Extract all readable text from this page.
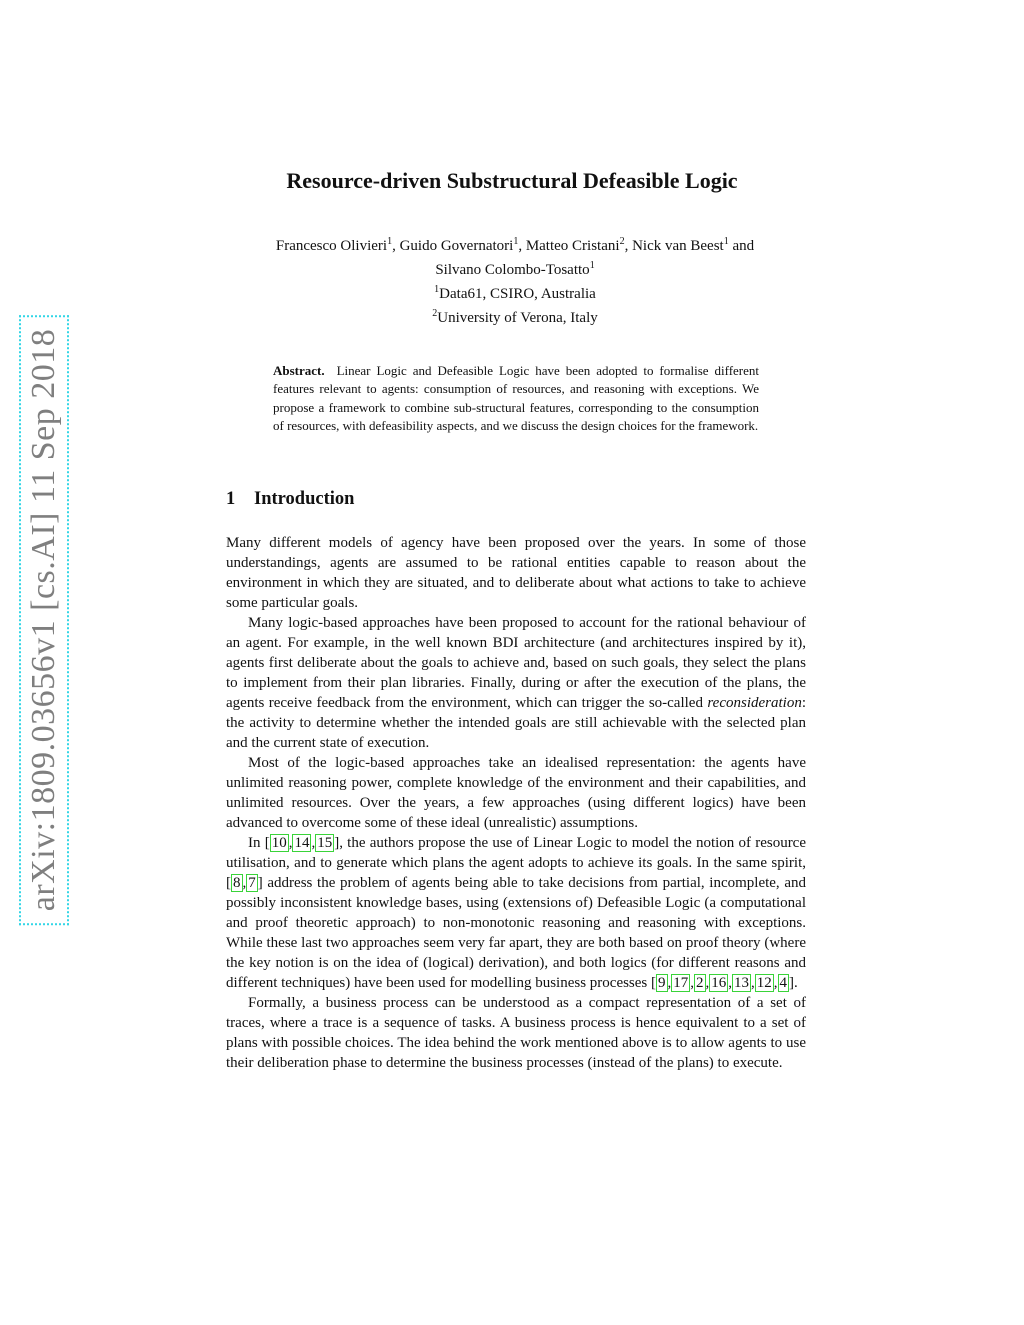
arXiv:1809.03656v1 [cs.AI] 11 Sep 2018
Resource-driven Substructural Defeasible Logic
Francesco Olivieri$^1$, Guido Governatori$^1$, Matteo Cristani$^2$, Nick van Beest$^1$ and
Silvano Colombo-Tosatto$^1$
$^1$Data61, CSIRO, Australia
$^2$University of Verona, Italy
Abstract. Linear Logic and Defeasible Logic have been adopted to formalise different features relevant to agents: consumption of resources, and reasoning with exceptions. We propose a framework to combine sub-structural features, corresponding to the consumption of resources, with defeasibility aspects, and we discuss the design choices for the framework.
1 Introduction

Many different models of agency have been proposed over the years. In some of those understandings, agents are assumed to be rational entities capable to reason about the environment in which they are situated, and to deliberate about what actions to take to achieve some particular goals.

Many logic-based approaches have been proposed to account for the rational behaviour of an agent. For example, in the well known BDI architecture (and architectures inspired by it), agents first deliberate about the goals to achieve and, based on such goals, they select the plans to implement from their plan libraries. Finally, during or after the execution of the plans, the agents receive feedback from the environment, which can trigger the so-called reconsideration: the activity to determine whether the intended goals are still achievable with the selected plan and the current state of execution.

Most of the logic-based approaches take an idealised representation: the agents have unlimited reasoning power, complete knowledge of the environment and their capabilities, and unlimited resources. Over the years, a few approaches (using different logics) have been advanced to overcome some of these ideal (unrealistic) assumptions.

In [ 10 , 14 , 15 ], the authors propose the use of Linear Logic to model the notion of resource utilisation, and to generate which plans the agent adopts to achieve its goals. In the same spirit, [ 8 , 7 ] address the problem of agents being able to take decisions from partial, incomplete, and possibly inconsistent knowledge bases, using (extensions of) Defeasible Logic (a computational and proof theoretic approach) to non-monotonic reasoning and reasoning with exceptions. While these last two approaches seem very far apart, they are both based on proof theory (where the key notion is on the idea of (logical) derivation), and both logics (for different reasons and different techniques) have been used for modelling business processes [ 9 , 17 , 2 , 16 , 13 , 12 , 4 ].

Formally, a business process can be understood as a compact representation of a set of traces, where a trace is a sequence of tasks. A business process is hence equivalent to a set of plans with possible choices. The idea behind the work mentioned above is to allow agents to use their deliberation phase to determine the business processes (instead of the plans) to execute.
